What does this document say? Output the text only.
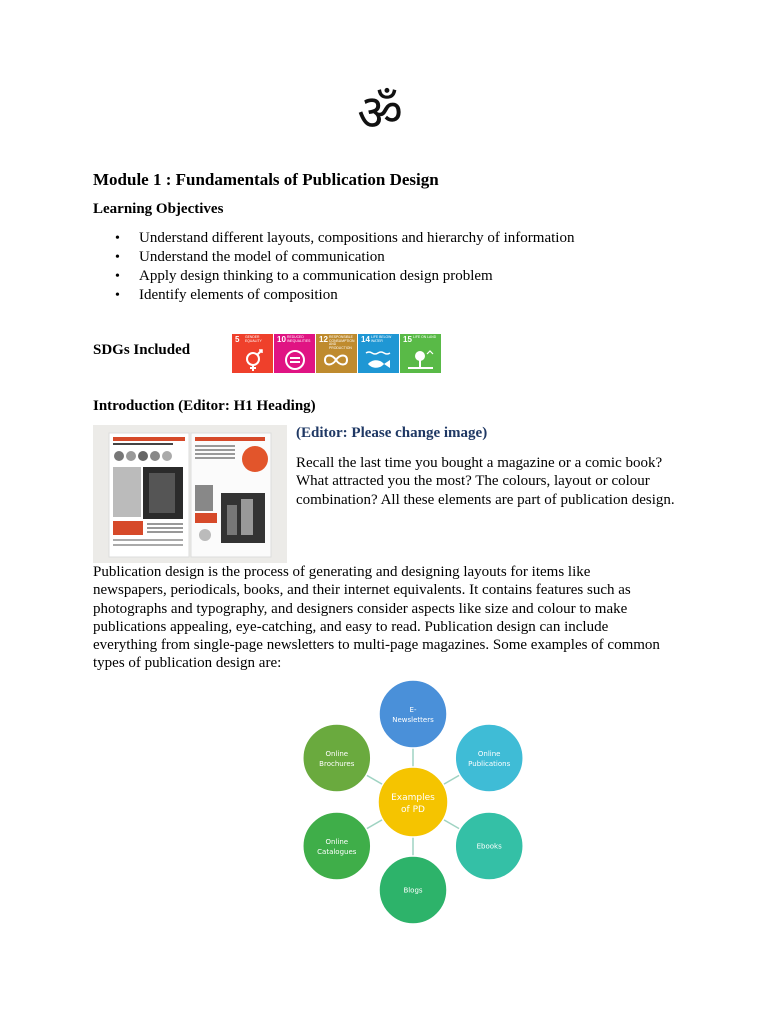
ॐ
Module 1 : Fundamentals of Publication Design
Learning Objectives
• Understand different layouts, compositions and hierarchy of information
• Understand the model of communication
• Apply design thinking to a communication design problem
• Identify elements of composition
SDGs Included
5 GENDER EQUALITY	10 REDUCED INEQUALITIES	12 RESPONSIBLE CONSUMPTION AND PRODUCTION
14 LIFE BELOW WATER	15 LIFE ON LAND
Introduction (Editor: H1 Heading)
(Editor: Please change image)
Recall the last time you bought a magazine or a comic book? What attracted you the most? The colours, layout or colour combination? All these elements are part of publication design.
Publication design is the process of generating and designing layouts for items like newspapers, periodicals, books, and their internet equivalents. It contains features such as photographs and typography, and designers consider aspects like size and colour to make publications appealing, eye-catching, and easy to read. Publication design can include everything from single-page newsletters to multi-page magazines. Some examples of common types of publication design are:
E-
Newsletters
Online
Publications
Ebooks
Blogs
Online
Catalogues
Online
Brochures
Examples
of PD
